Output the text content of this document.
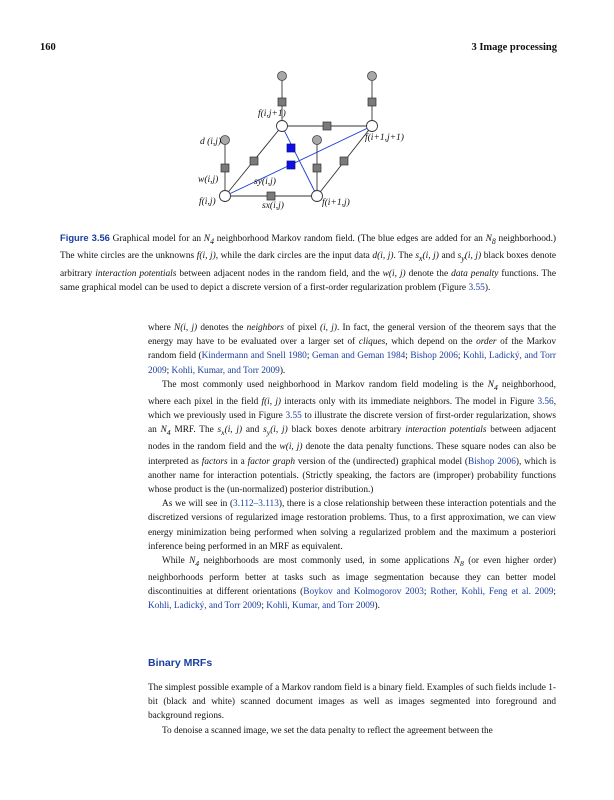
160	3 Image processing
f(i,j+1)
f(i+1,j+1)
d (i,j)
w(i,j)	sy(i,j)
f(i,j)	sx(i,j)	f(i+1,j)
Figure 3.56 Graphical model for an $N_4$ neighborhood Markov random field. (The blue edges are added for an $N_8$ neighborhood.) The white circles are the unknowns f(i, j), while the dark circles are the input data d(i, j). The $s_x(i$, j) and $s_y(i$, j) black boxes denote arbitrary interaction potentials between adjacent nodes in the random field, and the w(i, j) denote the data penalty functions. The same graphical model can be used to depict a discrete version of a first-order regularization problem (Figure 3.55).

where N(i, j) denotes the neighbors of pixel (i, j). In fact, the general version of the theorem says that the energy may have to be evaluated over a larger set of cliques, which depend on the order of the Markov random field (Kindermann and Snell 1980; Geman and Geman 1984; Bishop 2006; Kohli, Ladický, and Torr 2009; Kohli, Kumar, and Torr 2009).

The most commonly used neighborhood in Markov random field modeling is the $N_4$ neighborhood, where each pixel in the field f(i, j) interacts only with its immediate neighbors. The model in Figure 3.56, which we previously used in Figure 3.55 to illustrate the discrete version of first-order regularization, shows an $N_4$ MRF. The $s_x(i$, j) and $s_y(i$, j) black boxes denote arbitrary interaction potentials between adjacent nodes in the random field and the w(i, j) denote the data penalty functions. These square nodes can also be interpreted as factors in a factor graph version of the (undirected) graphical model (Bishop 2006), which is another name for interaction potentials. (Strictly speaking, the factors are (improper) probability functions whose product is the (un-normalized) posterior distribution.)

As we will see in (3.112–3.113), there is a close relationship between these interaction potentials and the discretized versions of regularized image restoration problems. Thus, to a first approximation, we can view energy minimization being performed when solving a regularized problem and the maximum a posteriori inference being performed in an MRF as equivalent.

While $N_4$ neighborhoods are most commonly used, in some applications $N_8$ (or even higher order) neighborhoods perform better at tasks such as image segmentation because they can better model discontinuities at different orientations (Boykov and Kolmogorov 2003; Rother, Kohli, Feng et al. 2009; Kohli, Ladický, and Torr 2009; Kohli, Kumar, and Torr 2009).

Binary MRFs

The simplest possible example of a Markov random field is a binary field. Examples of such fields include 1-bit (black and white) scanned document images as well as images segmented into foreground and background regions.

To denoise a scanned image, we set the data penalty to reflect the agreement between the
